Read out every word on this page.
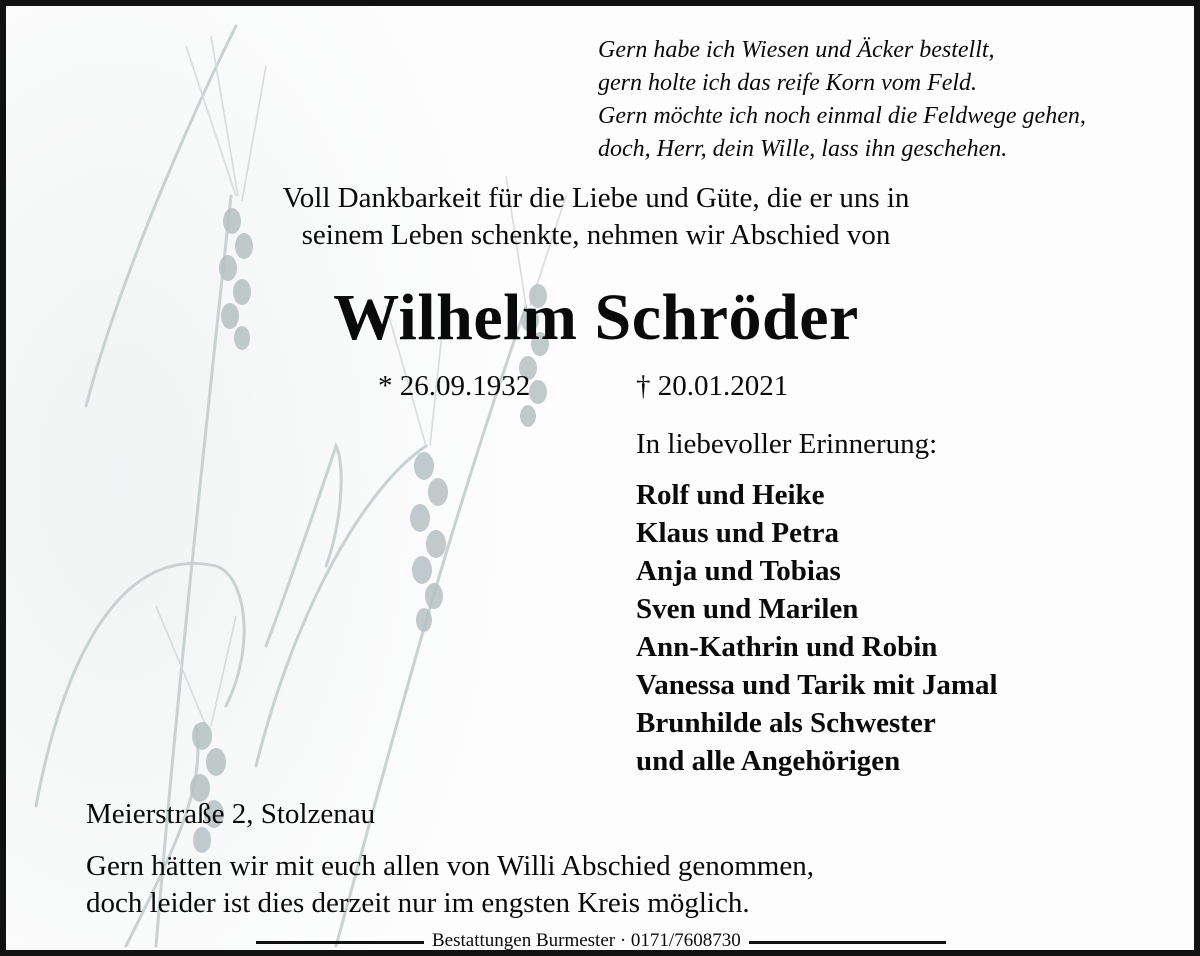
Gern habe ich Wiesen und Äcker bestellt,
gern holte ich das reife Korn vom Feld.
Gern möchte ich noch einmal die Feldwege gehen,
doch, Herr, dein Wille, lass ihn geschehen.
Voll Dankbarkeit für die Liebe und Güte, die er uns in
seinem Leben schenkte, nehmen wir Abschied von
Wilhelm Schröder
* 26.09.1932	† 20.01.2021
In liebevoller Erinnerung:
Rolf und Heike
Klaus und Petra
Anja und Tobias
Sven und Marilen
Ann-Kathrin und Robin
Vanessa und Tarik mit Jamal
Brunhilde als Schwester
und alle Angehörigen
Meierstraße 2, Stolzenau
Gern hätten wir mit euch allen von Willi Abschied genommen,
doch leider ist dies derzeit nur im engsten Kreis möglich.
Bestattungen Burmester · 0171/7608730
